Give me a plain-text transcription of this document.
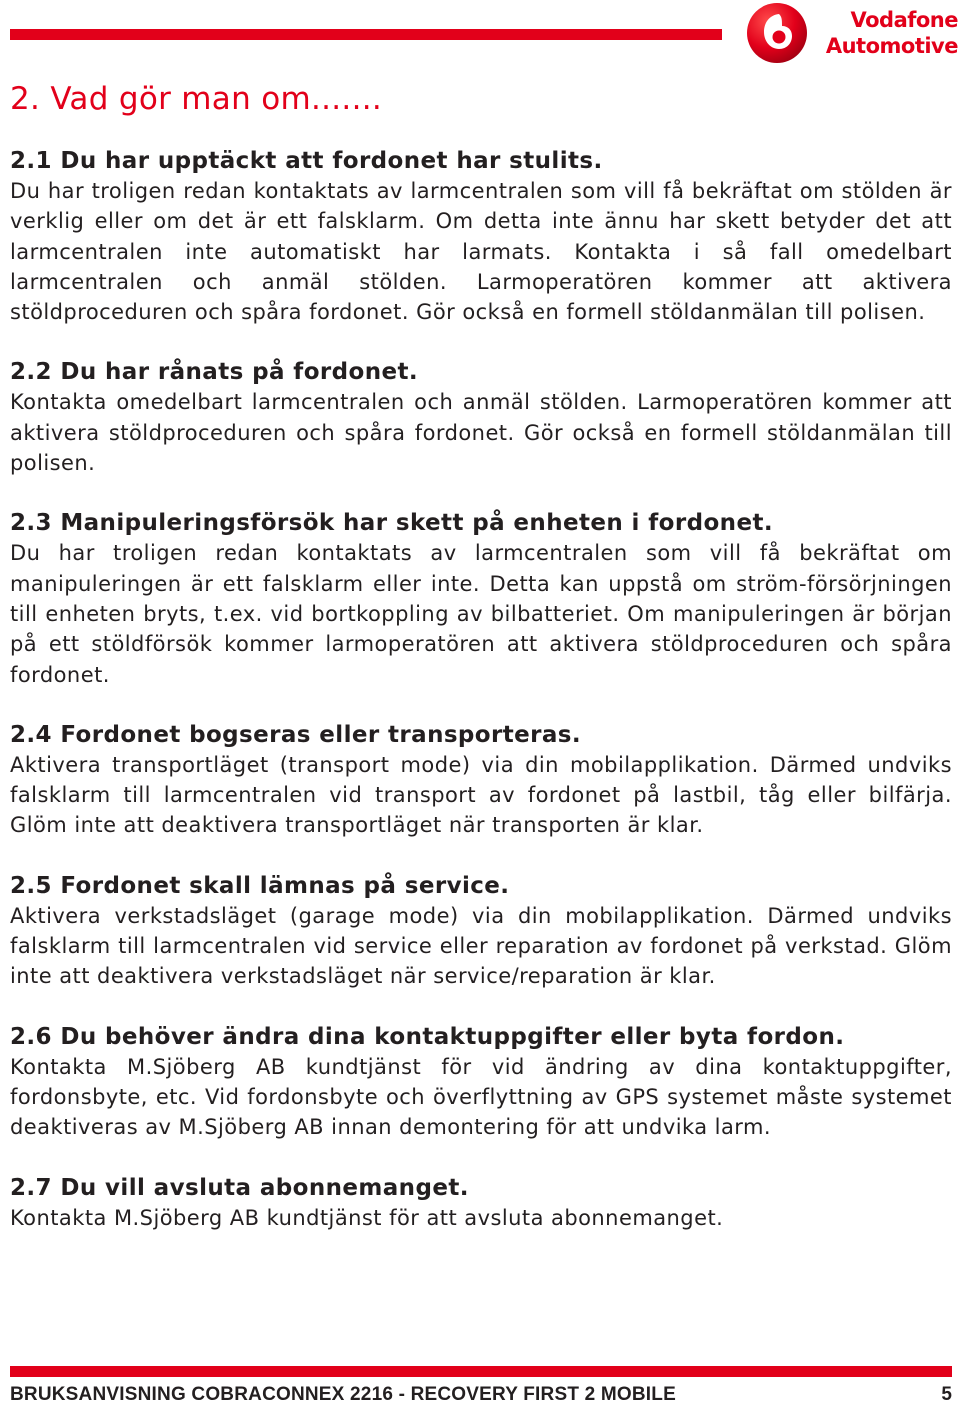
Vodafone
Automotive
2. Vad gör man om.......
2.1 Du har upptäckt att fordonet har stulits.

Du har troligen redan kontaktats av larmcentralen som vill få bekräftat om stölden är verklig eller om det är ett falsklarm. Om detta inte ännu har skett betyder det att larmcentralen inte automatiskt har larmats. Kontakta i så fall omedelbart larmcentralen och anmäl stölden. Larmoperatören kommer att aktivera stöldproceduren och spåra fordonet. Gör också en formell stöldanmälan till polisen.

2.2 Du har rånats på fordonet.

Kontakta omedelbart larmcentralen och anmäl stölden. Larmoperatören kommer att aktivera stöldproceduren och spåra fordonet. Gör också en formell stöldanmälan till polisen.

2.3 Manipuleringsförsök har skett på enheten i fordonet.

Du har troligen redan kontaktats av larmcentralen som vill få bekräftat om manipuleringen är ett falsklarm eller inte. Detta kan uppstå om ström-försörjningen till enheten bryts, t.ex. vid bortkoppling av bilbatteriet. Om manipuleringen är början på ett stöldförsök kommer larmoperatören att aktivera stöldproceduren och spåra fordonet.

2.4 Fordonet bogseras eller transporteras.

Aktivera transportläget (transport mode) via din mobilapplikation. Därmed undviks falsklarm till larmcentralen vid transport av fordonet på lastbil, tåg eller bilfärja. Glöm inte att deaktivera transportläget när transporten är klar.

2.5 Fordonet skall lämnas på service.

Aktivera verkstadsläget (garage mode) via din mobilapplikation. Därmed undviks falsklarm till larmcentralen vid service eller reparation av fordonet på verkstad. Glöm inte att deaktivera verkstadsläget när service/reparation är klar.

2.6 Du behöver ändra dina kontaktuppgifter eller byta fordon.

Kontakta M.Sjöberg AB kundtjänst för vid ändring av dina kontaktuppgifter, fordonsbyte, etc. Vid fordonsbyte och överflyttning av GPS systemet måste systemet deaktiveras av M.Sjöberg AB innan demontering för att undvika larm.

2.7 Du vill avsluta abonnemanget.

Kontakta M.Sjöberg AB kundtjänst för att avsluta abonnemanget.

BRUKSANVISNING COBRACONNEX 2216 - RECOVERY FIRST 2 MOBILE	5
